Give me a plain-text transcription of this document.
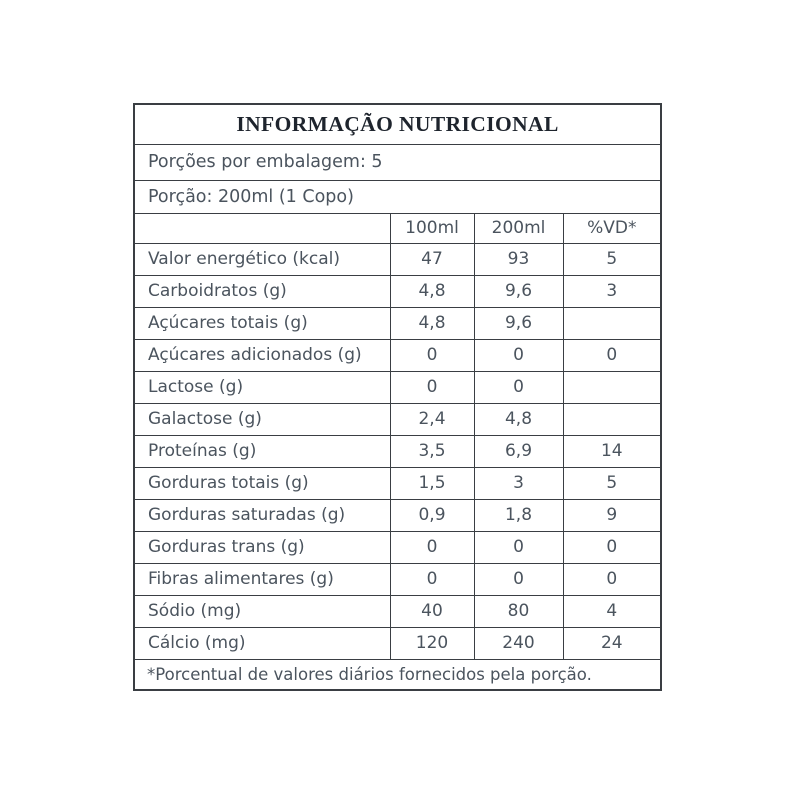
INFORMAÇÃO NUTRICIONAL			
Porções por embalagem: 5			
Porção: 200ml (1 Copo)			
	100ml	200ml	%VD*
Valor energético (kcal)	47	93	5
Carboidratos (g)	4,8	9,6	3
Açúcares totais (g)	4,8	9,6	
Açúcares adicionados (g)	0	0	0
Lactose (g)	0	0	
Galactose (g)	2,4	4,8	
Proteínas (g)	3,5	6,9	14
Gorduras totais (g)	1,5	3	5
Gorduras saturadas (g)	0,9	1,8	9
Gorduras trans (g)	0	0	0
Fibras alimentares (g)	0	0	0
Sódio (mg)	40	80	4
Cálcio (mg)	120	240	24
*Porcentual de valores diários fornecidos pela porção.			
